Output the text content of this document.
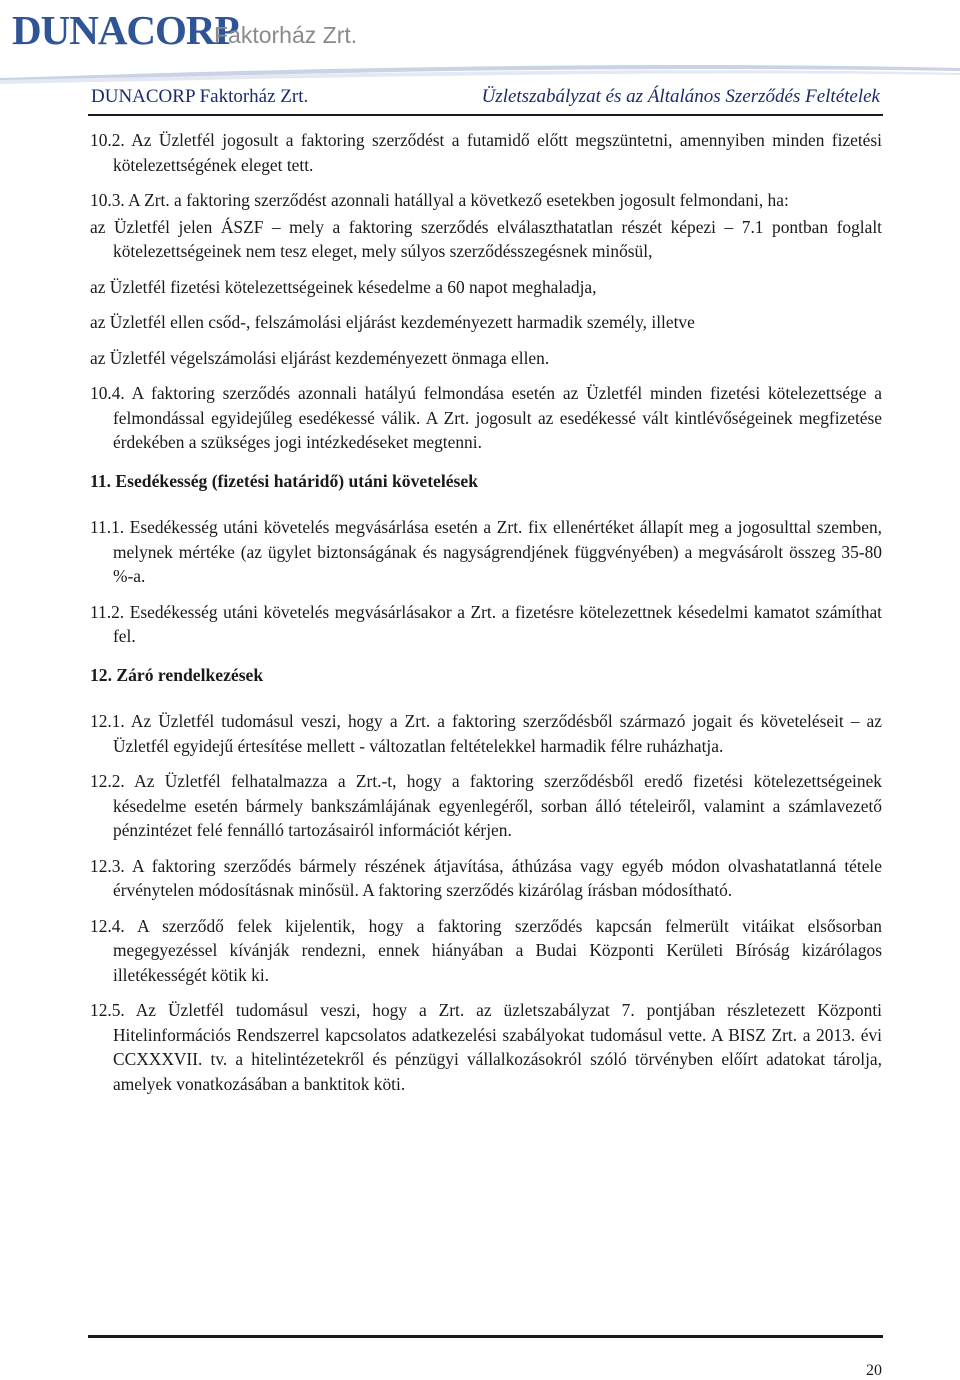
DUNACORP
Faktorház Zrt.
DUNACORP Faktorház Zrt.	Üzletszabályzat és az Általános Szerződés Feltételek
10.2. Az Üzletfél jogosult a faktoring szerződést a futamidő előtt megszüntetni, amennyiben minden fizetési kötelezettségének eleget tett.
10.3. A Zrt. a faktoring szerződést azonnali hatállyal a következő esetekben jogosult felmondani, ha:
az Üzletfél jelen ÁSZF – mely a faktoring szerződés elválaszthatatlan részét képezi – 7.1 pontban foglalt kötelezettségeinek nem tesz eleget, mely súlyos szerződésszegésnek minősül,
az Üzletfél fizetési kötelezettségeinek késedelme a 60 napot meghaladja,
az Üzletfél ellen csőd-, felszámolási eljárást kezdeményezett harmadik személy, illetve
az Üzletfél végelszámolási eljárást kezdeményezett önmaga ellen.
10.4. A faktoring szerződés azonnali hatályú felmondása esetén az Üzletfél minden fizetési kötelezettsége a felmondással egyidejűleg esedékessé válik. A Zrt. jogosult az esedékessé vált kintlévőségeinek megfizetése érdekében a szükséges jogi intézkedéseket megtenni.
11. Esedékesség (fizetési határidő) utáni követelések
11.1. Esedékesség utáni követelés megvásárlása esetén a Zrt. fix ellenértéket állapít meg a jogosulttal szemben, melynek mértéke (az ügylet biztonságának és nagyságrendjének függvényében) a megvásárolt összeg 35-80 %-a.
11.2. Esedékesség utáni követelés megvásárlásakor a Zrt. a fizetésre kötelezettnek késedelmi kamatot számíthat fel.
12. Záró rendelkezések
12.1. Az Üzletfél tudomásul veszi, hogy a Zrt. a faktoring szerződésből származó jogait és követeléseit – az Üzletfél egyidejű értesítése mellett - változatlan feltételekkel harmadik félre ruházhatja.
12.2. Az Üzletfél felhatalmazza a Zrt.-t, hogy a faktoring szerződésből eredő fizetési kötelezettségeinek késedelme esetén bármely bankszámlájának egyenlegéről, sorban álló tételeiről, valamint a számlavezető pénzintézet felé fennálló tartozásairól információt kérjen.
12.3. A faktoring szerződés bármely részének átjavítása, áthúzása vagy egyéb módon olvashatatlanná tétele érvénytelen módosításnak minősül. A faktoring szerződés kizárólag írásban módosítható.
12.4. A szerződő felek kijelentik, hogy a faktoring szerződés kapcsán felmerült vitáikat elsősorban megegyezéssel kívánják rendezni, ennek hiányában a Budai Központi Kerületi Bíróság kizárólagos illetékességét kötik ki.
12.5. Az Üzletfél tudomásul veszi, hogy a Zrt. az üzletszabályzat 7. pontjában részletezett Központi Hitelinformációs Rendszerrel kapcsolatos adatkezelési szabályokat tudomásul vette. A BISZ Zrt. a 2013. évi CCXXXVII. tv. a hitelintézetekről és pénzügyi vállalkozásokról szóló törvényben előírt adatokat tárolja, amelyek vonatkozásában a banktitok köti.
20
